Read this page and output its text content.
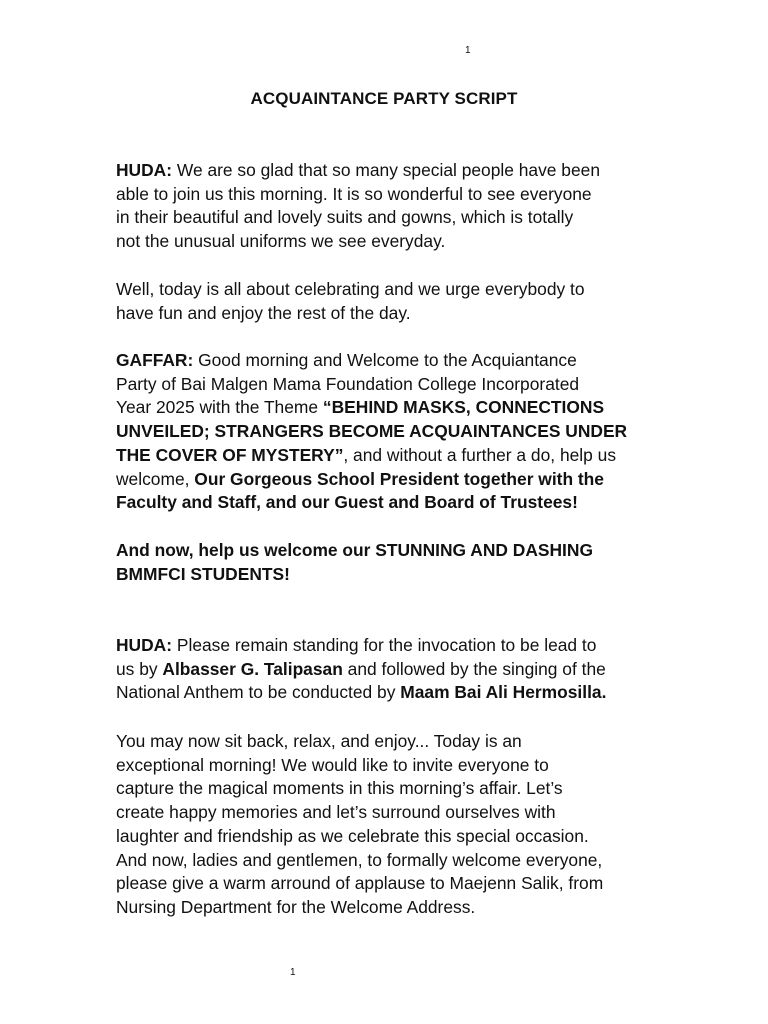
1
ACQUAINTANCE PARTY SCRIPT

HUDA: We are so glad that so many special people have been
able to join us this morning. It is so wonderful to see everyone
in their beautiful and lovely suits and gowns, which is totally
not the unusual uniforms we see everyday.

Well, today is all about celebrating and we urge everybody to
have fun and enjoy the rest of the day.

GAFFAR: Good morning and Welcome to the Acquiantance
Party of Bai Malgen Mama Foundation College Incorporated
Year 2025 with the Theme “BEHIND MASKS, CONNECTIONS
UNVEILED; STRANGERS BECOME ACQUAINTANCES UNDER
THE COVER OF MYSTERY”, and without a further a do, help us
welcome, Our Gorgeous School President together with the
Faculty and Staff, and our Guest and Board of Trustees!

And now, help us welcome our STUNNING AND DASHING
BMMFCI STUDENTS!

HUDA: Please remain standing for the invocation to be lead to
us by Albasser G. Talipasan and followed by the singing of the
National Anthem to be conducted by Maam Bai Ali Hermosilla.

You may now sit back, relax, and enjoy... Today is an
exceptional morning! We would like to invite everyone to
capture the magical moments in this morning’s affair. Let’s
create happy memories and let’s surround ourselves with
laughter and friendship as we celebrate this special occasion.
And now, ladies and gentlemen, to formally welcome everyone,
please give a warm arround of applause to Maejenn Salik, from
Nursing Department for the Welcome Address.

1
